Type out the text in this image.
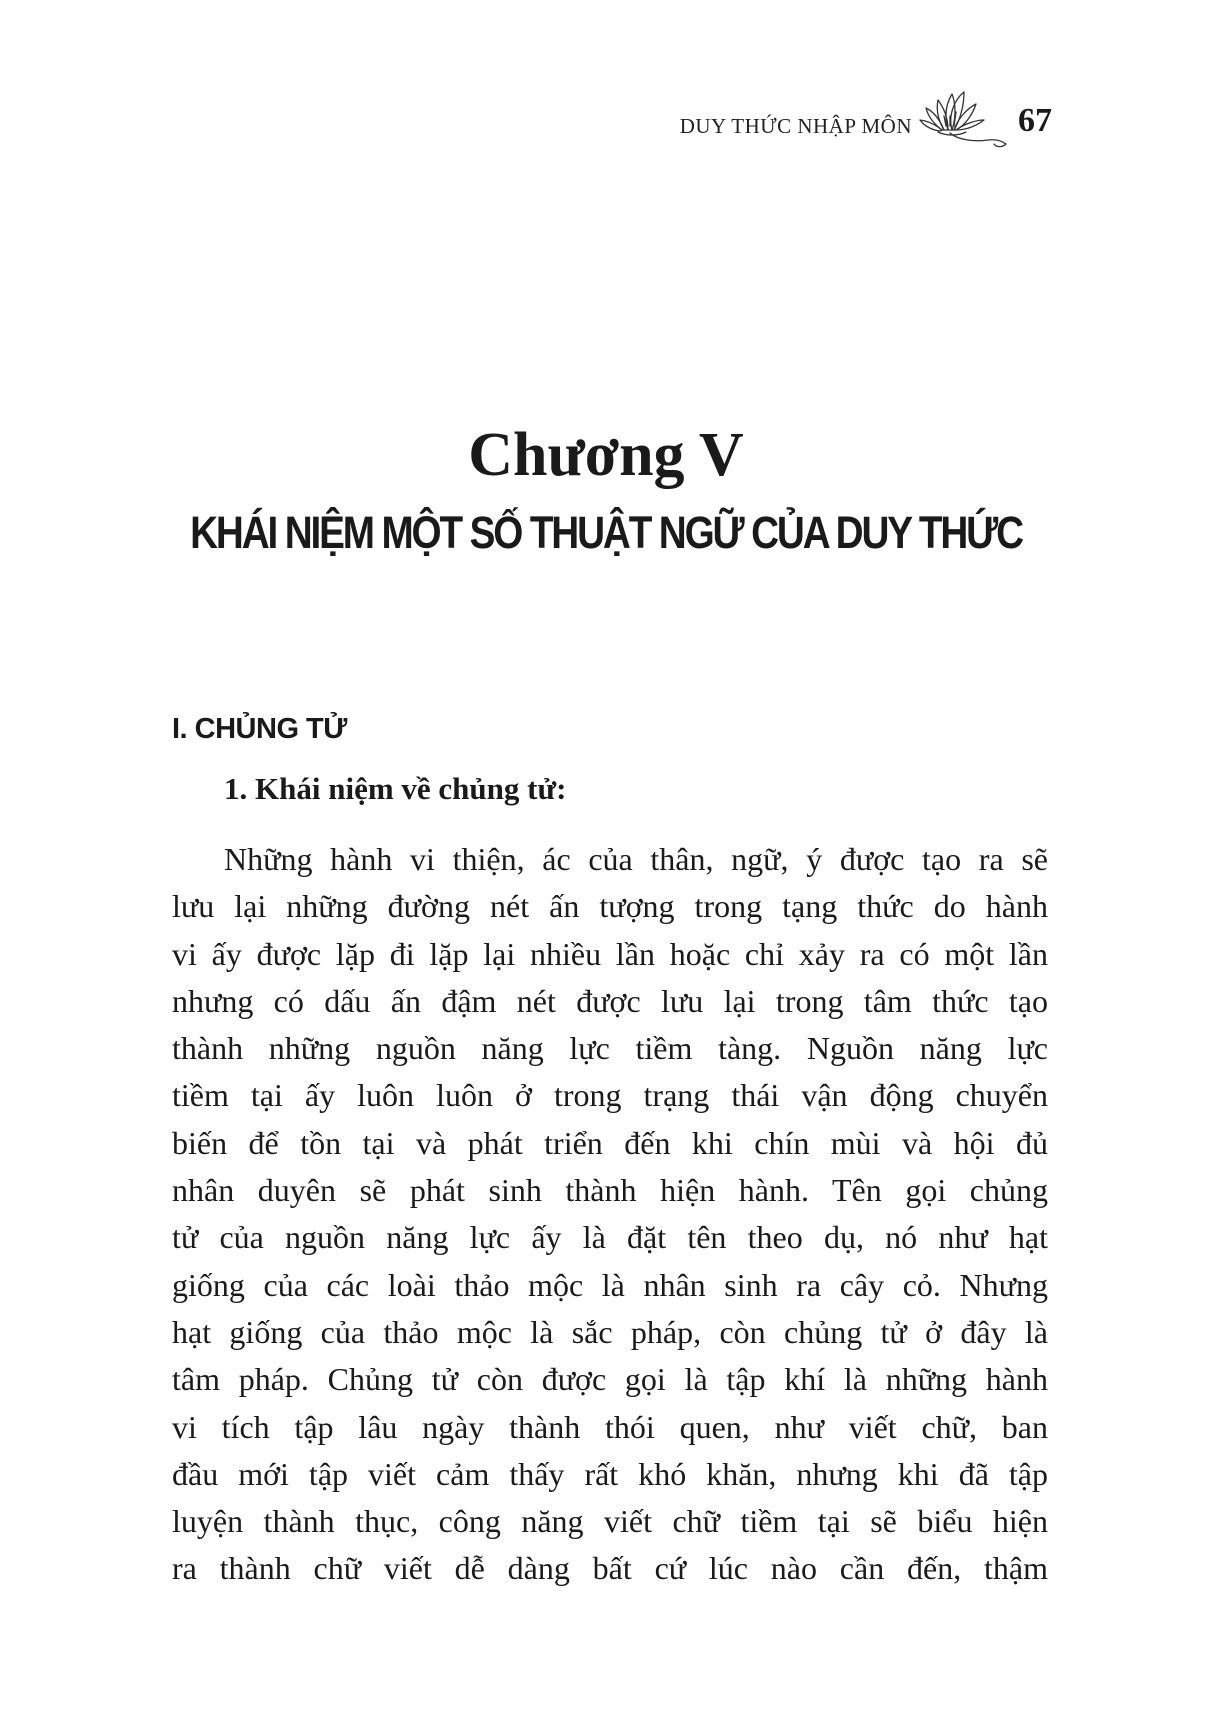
DUY THỨC NHẬP MÔN	67
Chương V
KHÁI NIỆM MỘT SỐ THUẬT NGỮ CỦA DUY THỨC
I. CHỦNG TỬ
1. Khái niệm về chủng tử:
Những hành vi thiện, ác của thân, ngữ, ý được tạo ra sẽ
lưu lại những đường nét ấn tượng trong tạng thức do hành
vi ấy được lặp đi lặp lại nhiều lần hoặc chỉ xảy ra có một lần
nhưng có dấu ấn đậm nét được lưu lại trong tâm thức tạo
thành những nguồn năng lực tiềm tàng. Nguồn năng lực
tiềm tại ấy luôn luôn ở trong trạng thái vận động chuyển
biến để tồn tại và phát triển đến khi chín mùi và hội đủ
nhân duyên sẽ phát sinh thành hiện hành. Tên gọi chủng
tử của nguồn năng lực ấy là đặt tên theo dụ, nó như hạt
giống của các loài thảo mộc là nhân sinh ra cây cỏ. Nhưng
hạt giống của thảo mộc là sắc pháp, còn chủng tử ở đây là
tâm pháp. Chủng tử còn được gọi là tập khí là những hành
vi tích tập lâu ngày thành thói quen, như viết chữ, ban
đầu mới tập viết cảm thấy rất khó khăn, nhưng khi đã tập
luyện thành thục, công năng viết chữ tiềm tại sẽ biểu hiện
ra thành chữ viết dễ dàng bất cứ lúc nào cần đến, thậm
